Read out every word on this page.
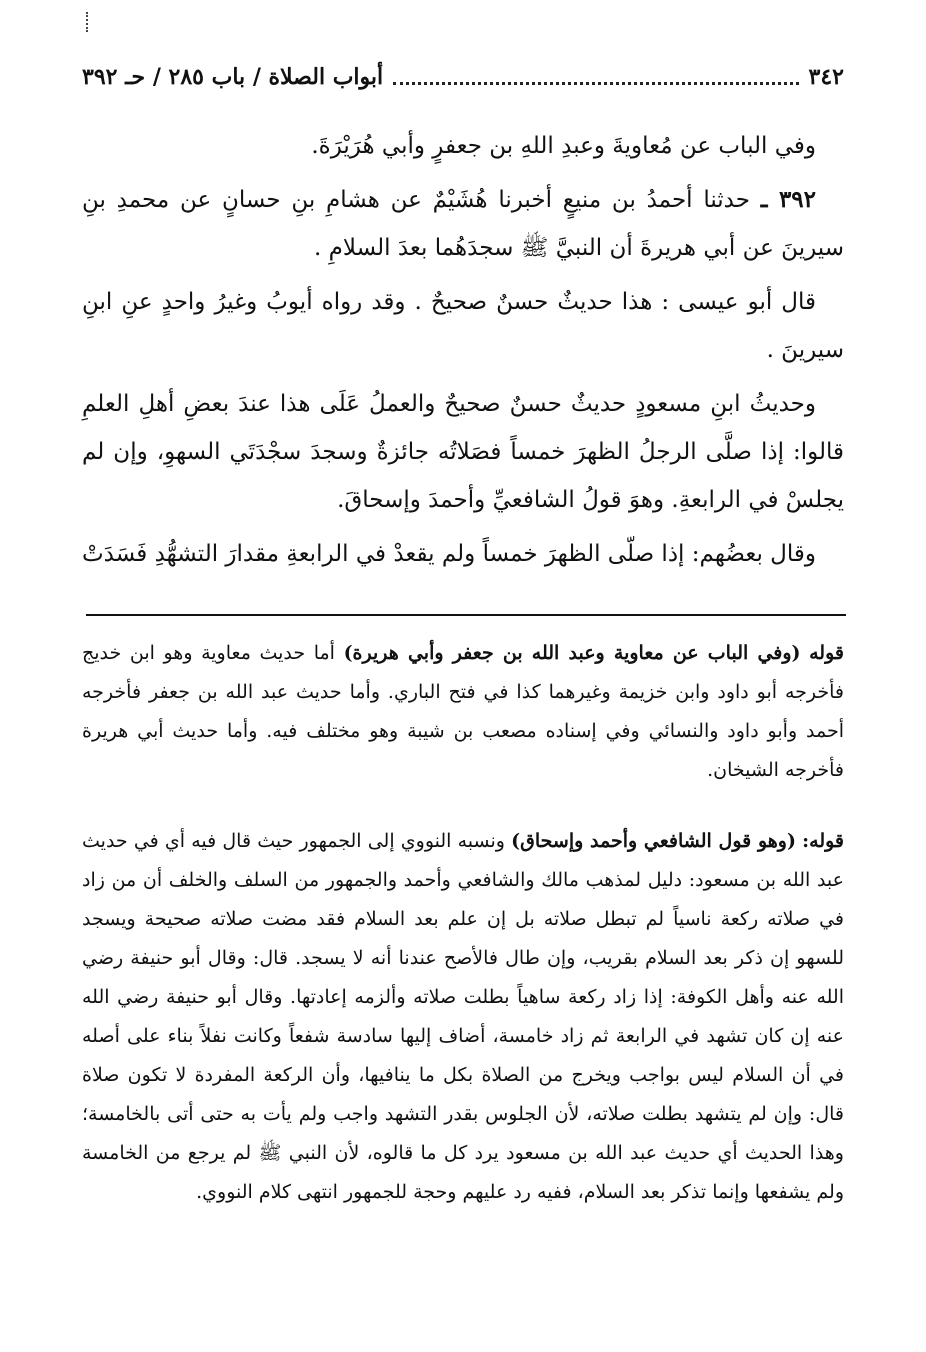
٣٤٢
أبواب الصلاة / باب ٢٨٥ / حـ ٣٩٢

وفي الباب عن مُعاويةَ وعبدِ اللهِ بن جعفرٍ وأبي هُرَيْرَةَ.

٣٩٢ ـ حدثنا أحمدُ بن منيعٍ أخبرنا هُشَيْمٌ عن هشامِ بنِ حسانٍ عن محمدِ بنِ سيرينَ عن أبي هريرةَ أن النبيَّ ﷺ سجدَهُما بعدَ السلامِ .

قال أبو عيسى : هذا حديثٌ حسنٌ صحيحٌ . وقد رواه أيوبُ وغيرُ واحدٍ عنِ ابنِ سيرينَ .

وحديثُ ابنِ مسعودٍ حديثٌ حسنٌ صحيحٌ والعملُ عَلَى هذا عندَ بعضِ أهلِ العلمِ قالوا: إذا صلَّى الرجلُ الظهرَ خمساً فصَلاتُه جائزةٌ وسجدَ سجْدَتَي السهوِ، وإن لم يجلسْ في الرابعةِ. وهوَ قولُ الشافعيِّ وأحمدَ وإسحاقَ.

وقال بعضُهم: إذا صلّى الظهرَ خمساً ولم يقعدْ في الرابعةِ مقدارَ التشهُّدِ فَسَدَتْ

قوله (وفي الباب عن معاوية وعبد الله بن جعفر وأبي هريرة) أما حديث معاوية وهو ابن خديج فأخرجه أبو داود وابن خزيمة وغيرهما كذا في فتح الباري. وأما حديث عبد الله بن جعفر فأخرجه أحمد وأبو داود والنسائي وفي إسناده مصعب بن شيبة وهو مختلف فيه. وأما حديث أبي هريرة فأخرجه الشيخان.

قوله: (وهو قول الشافعي وأحمد وإسحاق) ونسبه النووي إلى الجمهور حيث قال فيه أي في حديث عبد الله بن مسعود: دليل لمذهب مالك والشافعي وأحمد والجمهور من السلف والخلف أن من زاد في صلاته ركعة ناسياً لم تبطل صلاته بل إن علم بعد السلام فقد مضت صلاته صحيحة ويسجد للسهو إن ذكر بعد السلام بقريب، وإن طال فالأصح عندنا أنه لا يسجد. قال: وقال أبو حنيفة رضي الله عنه وأهل الكوفة: إذا زاد ركعة ساهياً بطلت صلاته وألزمه إعادتها. وقال أبو حنيفة رضي الله عنه إن كان تشهد في الرابعة ثم زاد خامسة، أضاف إليها سادسة شفعاً وكانت نفلاً بناء على أصله في أن السلام ليس بواجب ويخرج من الصلاة بكل ما ينافيها، وأن الركعة المفردة لا تكون صلاة قال: وإن لم يتشهد بطلت صلاته، لأن الجلوس بقدر التشهد واجب ولم يأت به حتى أتى بالخامسة؛ وهذا الحديث أي حديث عبد الله بن مسعود يرد كل ما قالوه، لأن النبي ﷺ لم يرجع من الخامسة ولم يشفعها وإنما تذكر بعد السلام، ففيه رد عليهم وحجة للجمهور انتهى كلام النووي.
